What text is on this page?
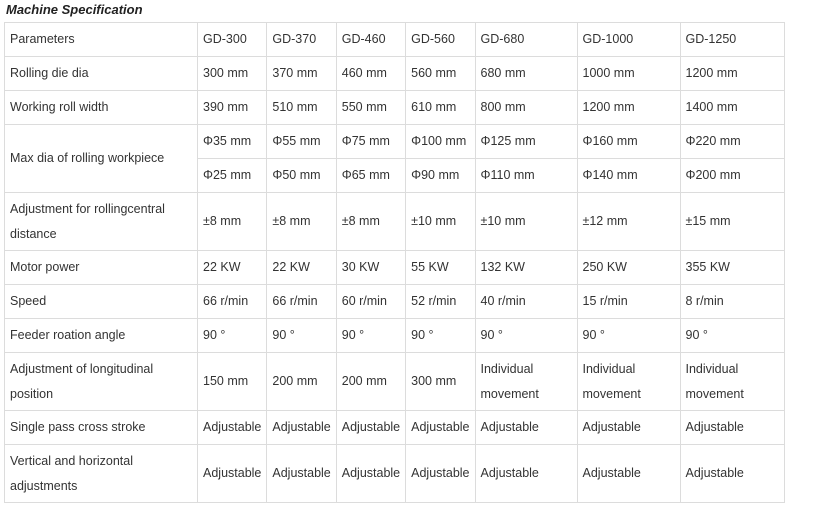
Machine Specification
Parameters	GD-300	GD-370	GD-460	GD-560	GD-680	GD-1000	GD-1250
Rolling die dia	300 mm	370 mm	460 mm	560 mm	680 mm	1000 mm	1200 mm
Working roll width	390 mm	510 mm	550 mm	610 mm	800 mm	1200 mm	1400 mm
Max dia of rolling workpiece	Φ35 mm	Φ55 mm	Φ75 mm	Φ100 mm	Φ125 mm	Φ160 mm	Φ220 mm
	Φ25 mm	Φ50 mm	Φ65 mm	Φ90 mm	Φ110 mm	Φ140 mm	Φ200 mm
Adjustment for rollingcentral distance	±8 mm	±8 mm	±8 mm	±10 mm	±10 mm	±12 mm	±15 mm
Motor power	22 KW	22 KW	30 KW	55 KW	132 KW	250 KW	355 KW
Speed	66 r/min	66 r/min	60 r/min	52 r/min	40 r/min	15 r/min	8 r/min
Feeder roation angle	90 °	90 °	90 °	90 °	90 °	90 °	90 °
Adjustment of longitudinal position	150 mm	200 mm	200 mm	300 mm	Individual movement	Individual movement	Individual movement
Single pass cross stroke	Adjustable	Adjustable	Adjustable	Adjustable	Adjustable	Adjustable	Adjustable
Vertical and horizontal adjustments	Adjustable	Adjustable	Adjustable	Adjustable	Adjustable	Adjustable	Adjustable
